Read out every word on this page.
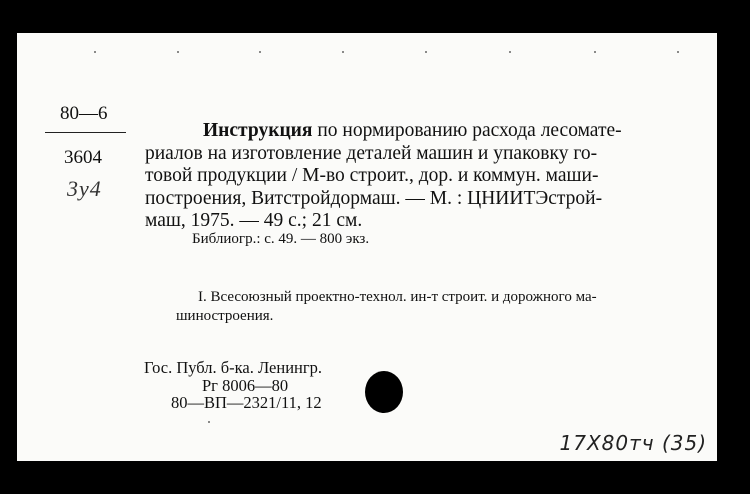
80—6
3604
3у4
Инструкция по нормированию расхода лесомате-
риалов на изготовление деталей машин и упаковку го-
товой продукции / М-во строит., дор. и коммун. маши-
построения, Витстройдормаш. — М. : ЦНИИТЭстрой-
маш, 1975. — 49 с.; 21 см.
Библиогр.: с. 49. — 800 экз.
I. Всесоюзный проектно-технол. ин-т строит. и дорожного ма-
шиностроения.
Гос. Публ. б-ка. Ленингр.
Рг 8006—80
80—ВП—2321/11, 12
17X80тч (35)
